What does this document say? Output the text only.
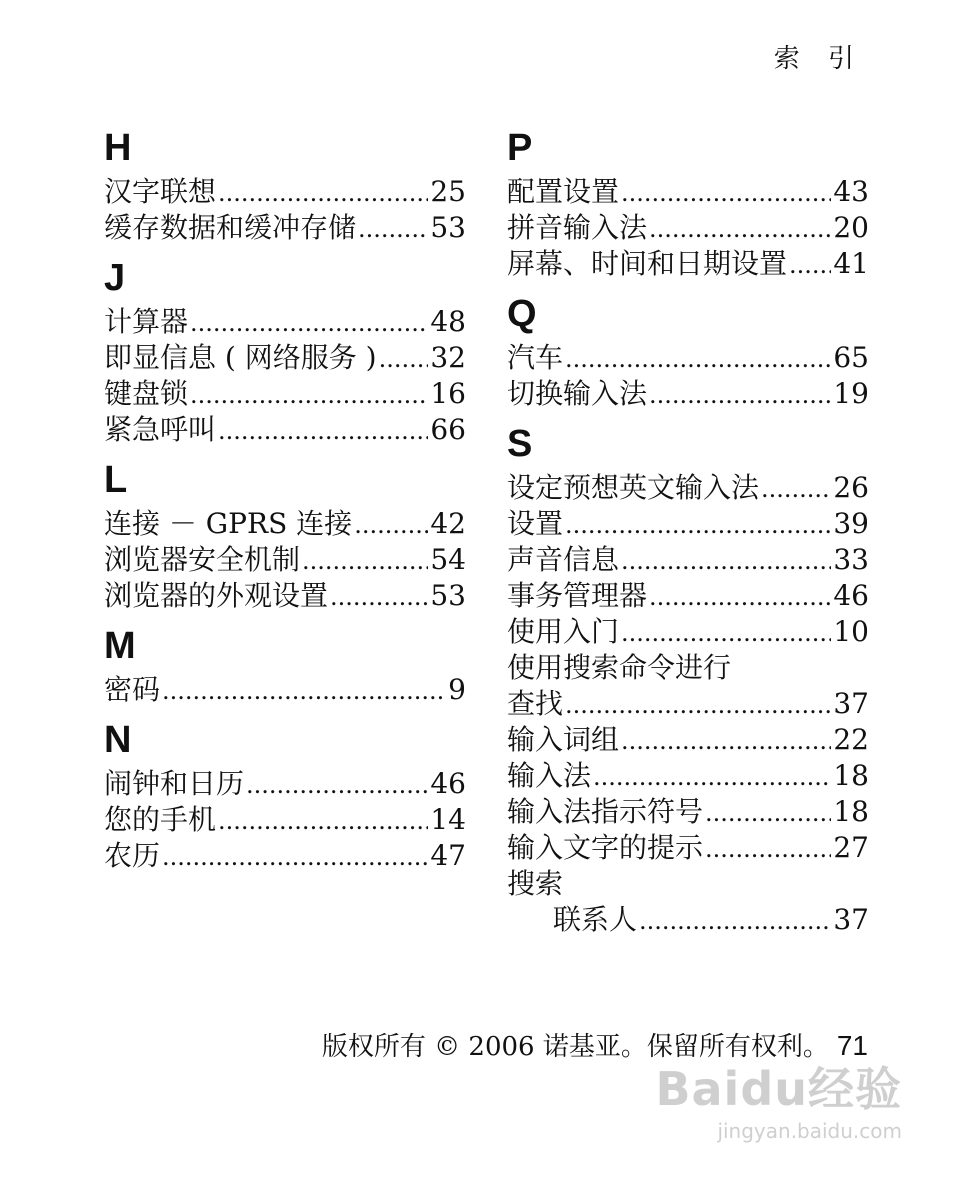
索 引
H
汉字联想 .....	25
缓存数据和缓冲存储 .....	53
J
计算器 .....	48
即显信息 ( 网络服务 ) ..... 32
键盘锁 .....	16
紧急呼叫 .....	66
L
连接 － GPRS 连接 .....	42
浏览器安全机制 .....	54
浏览器的外观设置 .....	53
M
密码 .....	9
N
闹钟和日历 .....	46
您的手机 .....	14
农历 .....	47
P
配置设置 .....	43
拼音输入法 .....	20
屏幕、时间和日期设置 ..... 41
Q
汽车 .....	65
切换输入法 .....	19
S
设定预想英文输入法 .....	26
设置 .....	39
声音信息 .....	33
事务管理器 .....	46
使用入门 .....	10
使用搜索命令进行
查找 .....	37
输入词组 .....	22
输入法 .....	18
输入法指示符号 .....	18
输入文字的提示 .....	27
搜索
联系人 .....	37
版权所有 © 2006 诺基亚。保留所有权利。 71
Baidu经验
jingyan.baidu.com
